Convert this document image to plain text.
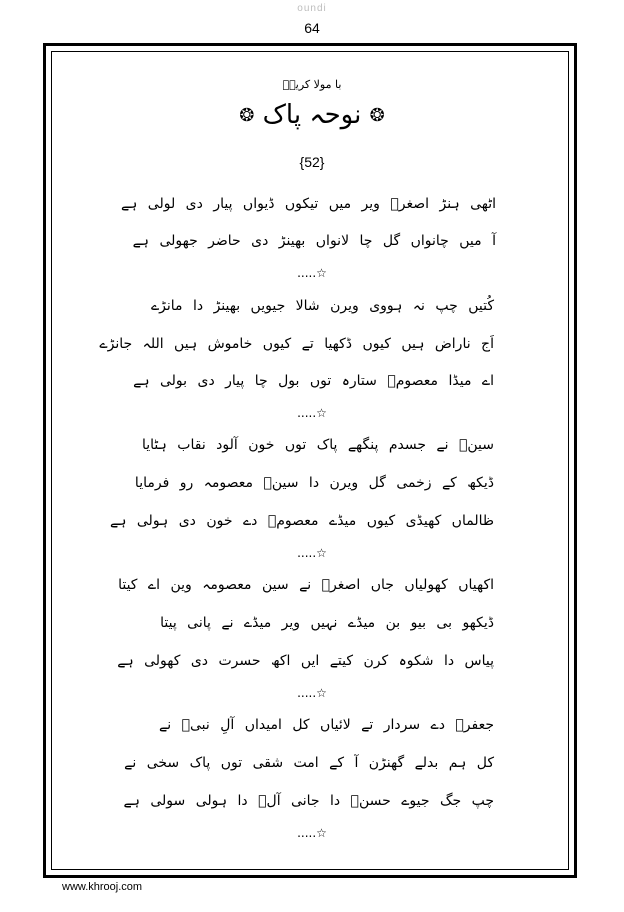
oundi
64
با مولا کریمؑ
❂ نوحہ پاک ❂
{52}
اٹھی ہنڑ اصغرؑ ویر میں تیکوں ڈیواں پیار دی لولی ہے
آ میں چانواں گل چا لانواں بھینڑ دی حاضر جھولی ہے
.....☆
کُتیں چپ نہ ہووی ویرن شالا جیویں بھینڑ دا مانڑے
اَج ناراض ہیں کیوں ڈکھیا تے کیوں خاموش ہیں اللہ جانڑے
اے میڈا معصومؑ ستارہ توں بول چا پیار دی بولی ہے
.....☆
سینؑ نے جسدم پنگھے پاک توں خون آلود نقاب ہٹایا
ڈیکھ کے زخمی گل ویرن دا سینؑ معصومہ رو فرمایا
ظالماں کھیڈی کیوں میڈے معصومؑ دے خون دی ہولی ہے
.....☆
اکھیاں کھولیاں جاں اصغرؑ نے سین معصومہ وین اے کیتا
ڈیکھو بی بیو بن میڈے نہیں ویر میڈے نے پانی پیتا
پیاس دا شکوہ کرن کیتے ایں اکھ حسرت دی کھولی ہے
.....☆
جعفرؑ دے سردار تے لائیاں کل امیداں آلِ نبیؐ نے
کل ہم بدلے گھنڑن آ کے امت شقی توں پاک سخی نے
چپ جگ جیوے حسنؑ دا جانی آلؑ دا ہولی سولی ہے
.....☆
www.khrooj.com
